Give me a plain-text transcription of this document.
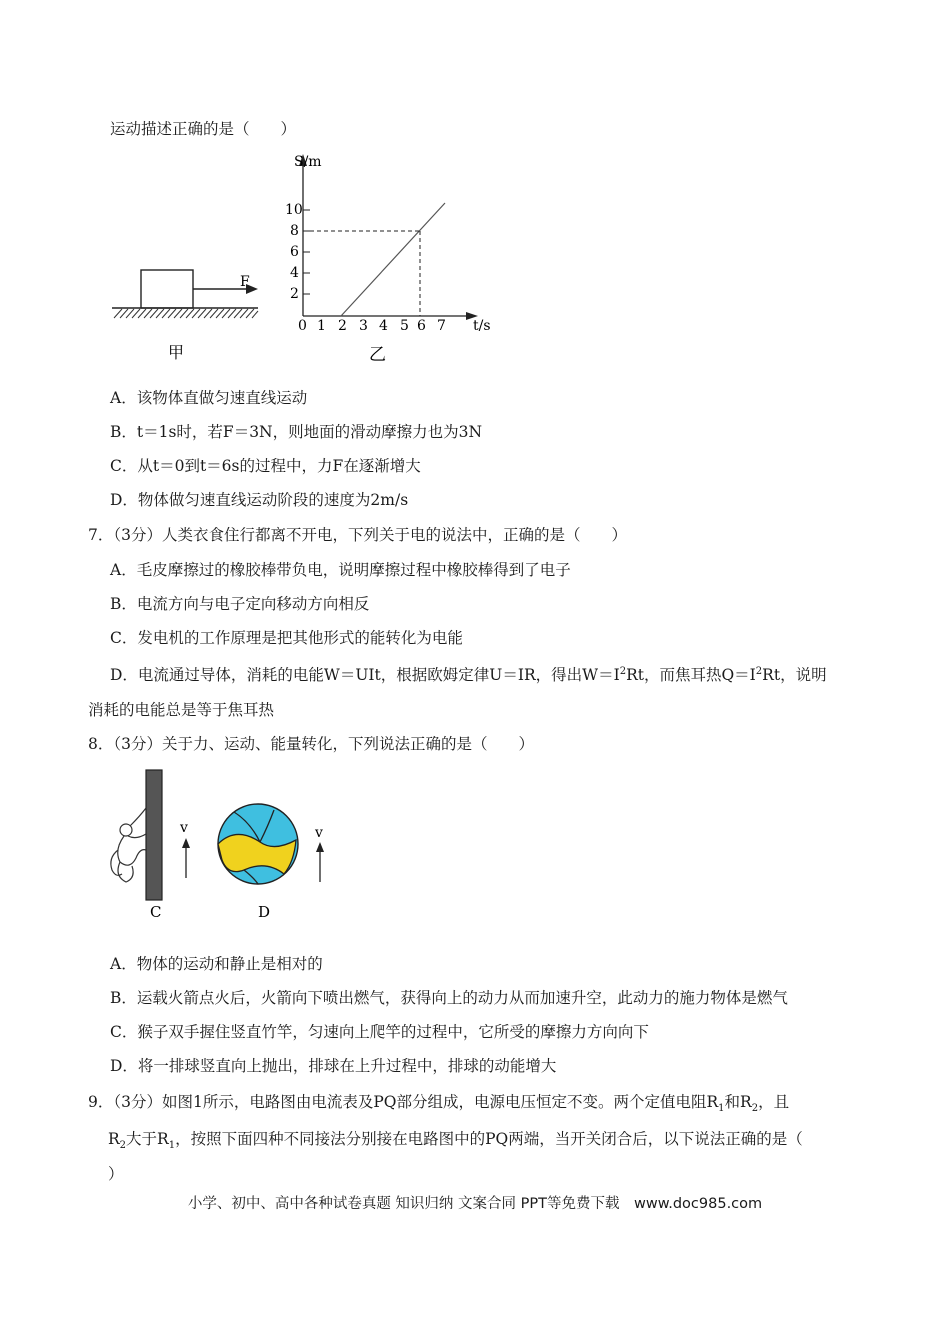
运动描述正确的是（　　）
F
甲
S/m
t/s
10
8
6
4
2
0 1 2 3 4 5 6 7
乙
A．该物体直做匀速直线运动
B．t＝1s时，若F＝3N，则地面的滑动摩擦力也为3N
C．从t＝0到t＝6s的过程中，力F在逐渐增大
D．物体做匀速直线运动阶段的速度为2m/s
7．（3分）人类衣食住行都离不开电，下列关于电的说法中，正确的是（　　）
A．毛皮摩擦过的橡胶棒带负电，说明摩擦过程中橡胶棒得到了电子
B．电流方向与电子定向移动方向相反
C．发电机的工作原理是把其他形式的能转化为电能
D．电流通过导体，消耗的电能W＝UIt，根据欧姆定律U＝IR，得出$W=I^2Rt$，而焦耳热$Q=I^2Rt$，说明
消耗的电能总是等于焦耳热
8．（3分）关于力、运动、能量转化，下列说法正确的是（　　）
v
C
v
D
A．物体的运动和静止是相对的
B．运载火箭点火后，火箭向下喷出燃气，获得向上的动力从而加速升空，此动力的施力物体是燃气
C．猴子双手握住竖直竹竿，匀速向上爬竿的过程中，它所受的摩擦力方向向下
D．将一排球竖直向上抛出，排球在上升过程中，排球的动能增大
9．（3分）如图1所示，电路图由电流表及PQ部分组成，电源电压恒定不变。两个定值电阻$R_1$和$R_2$，且
$R_2$大于$R_1$，按照下面四种不同接法分别接在电路图中的PQ两端，当开关闭合后，以下说法正确的是（
）
小学、初中、高中各种试卷真题 知识归纳 文案合同 PPT等免费下载　www.doc985.com
